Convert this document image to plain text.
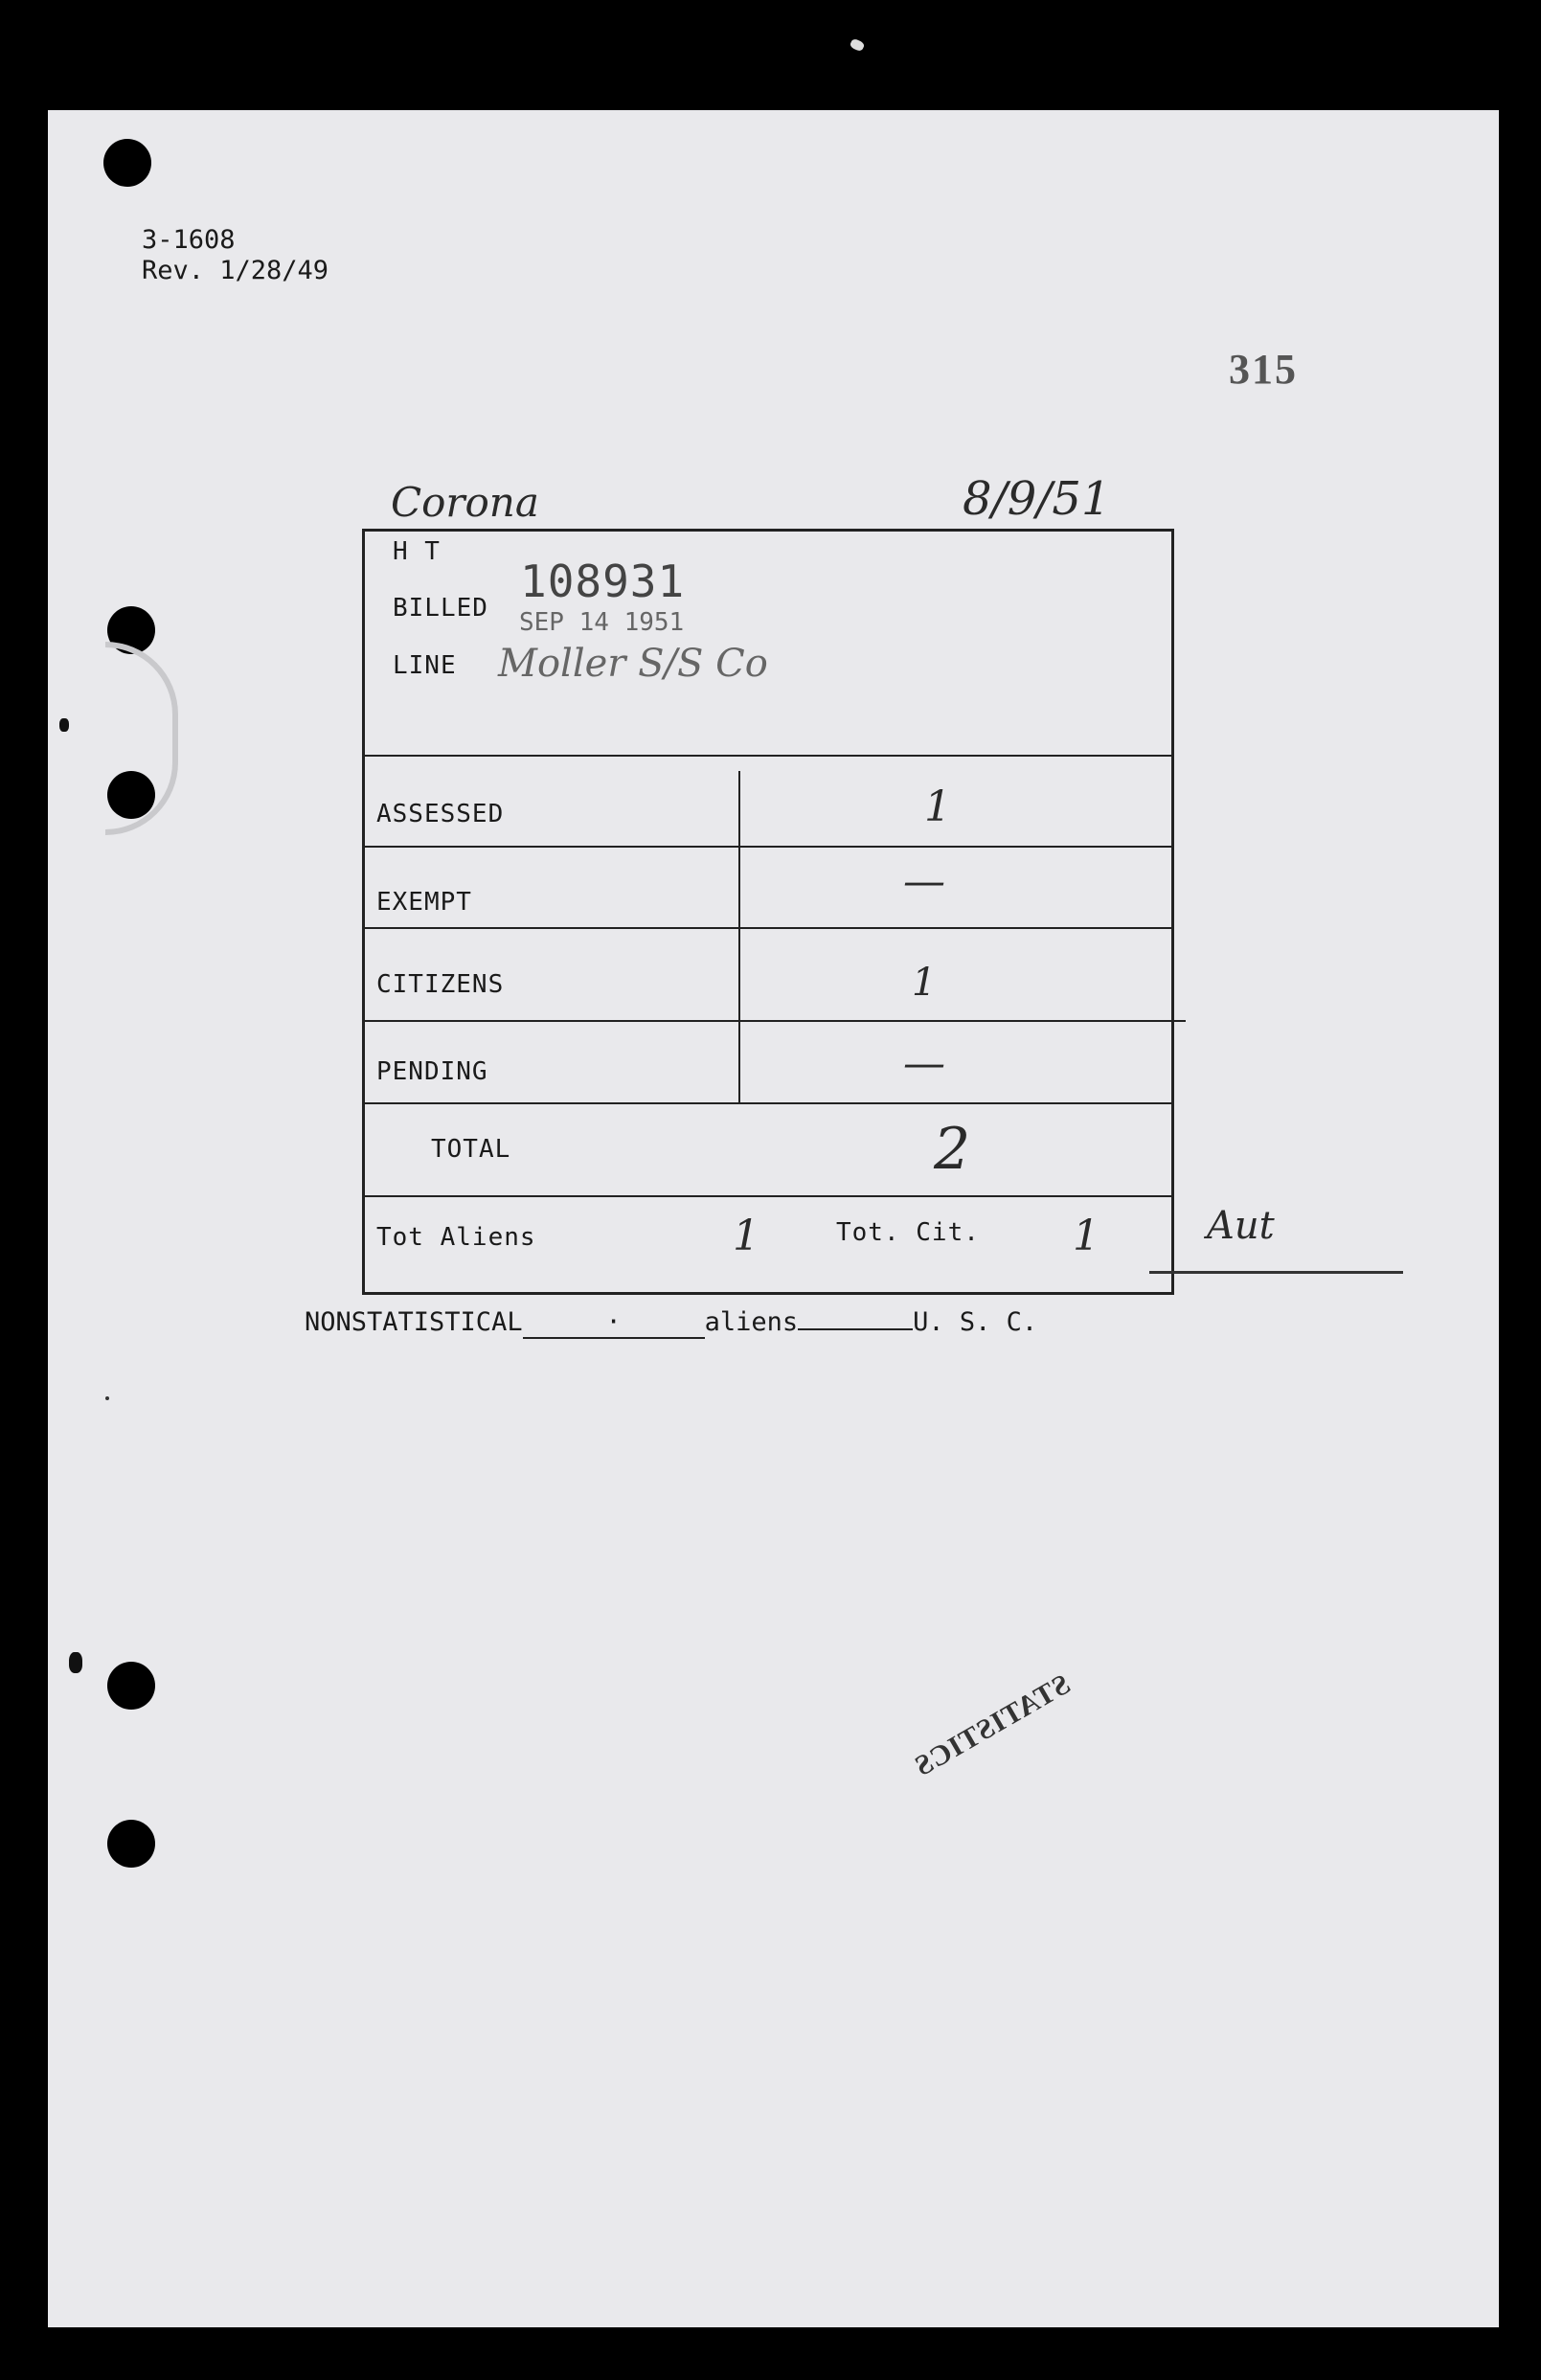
3-1608
Rev. 1/28/49
315
Corona	8/9/51
H T
108931
BILLED SEP 14 1951
LINE Moller S/S Co
ASSESSED	1
EXEMPT	—
CITIZENS	1
PENDING	—
TOTAL	2
Tot Aliens	1	Tot. Cit. 1	Aut
NONSTATISTICAL	·	aliens	U. S. C.
STATISTICS
